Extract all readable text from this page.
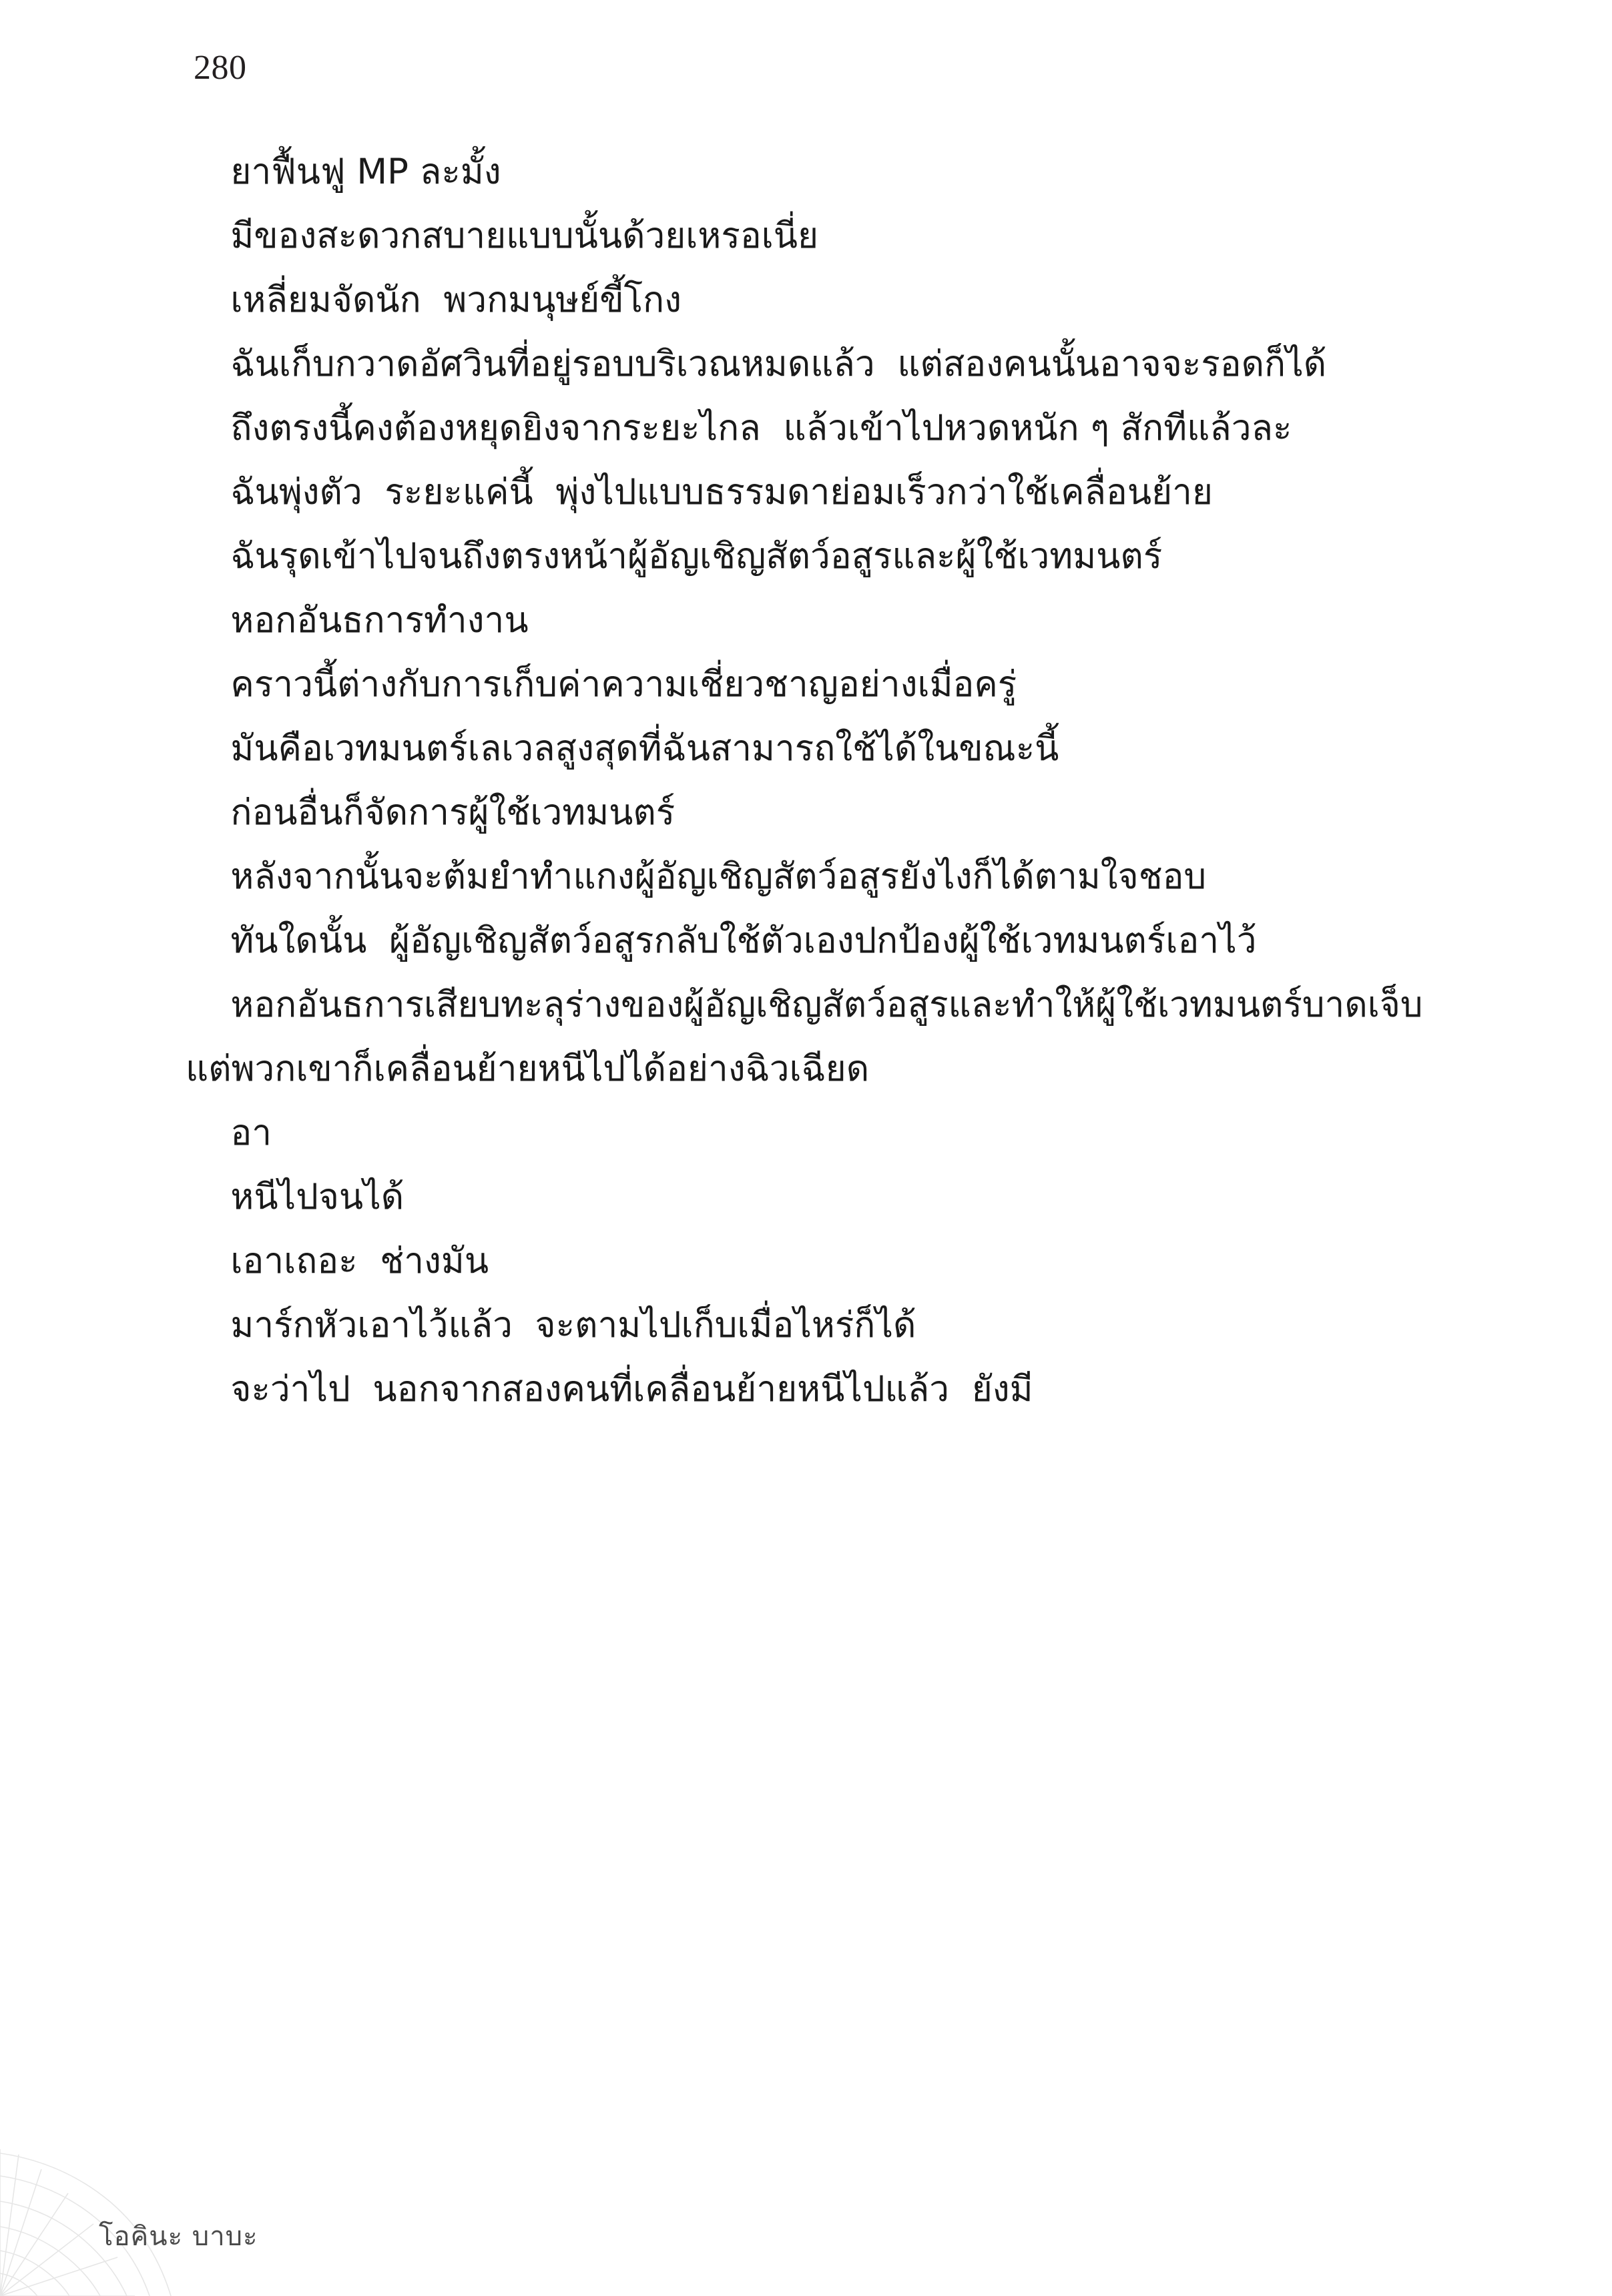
280

ยาฟื้นฟู MP ละมั้ง

มีของสะดวกสบายแบบนั้นด้วยเหรอเนี่ย

เหลี่ยมจัดนัก  พวกมนุษย์ขี้โกง

ฉันเก็บกวาดอัศวินที่อยู่รอบบริเวณหมดแล้ว  แต่สองคนนั้นอาจจะรอดก็ได้

ถึงตรงนี้คงต้องหยุดยิงจากระยะไกล  แล้วเข้าไปหวดหนัก ๆ สักทีแล้วละ

ฉันพุ่งตัว  ระยะแค่นี้  พุ่งไปแบบธรรมดาย่อมเร็วกว่าใช้เคลื่อนย้าย

ฉันรุดเข้าไปจนถึงตรงหน้าผู้อัญเชิญสัตว์อสูรและผู้ใช้เวทมนตร์

หอกอันธการทำงาน

คราวนี้ต่างกับการเก็บค่าความเชี่ยวชาญอย่างเมื่อครู่

มันคือเวทมนตร์เลเวลสูงสุดที่ฉันสามารถใช้ได้ในขณะนี้

ก่อนอื่นก็จัดการผู้ใช้เวทมนตร์

หลังจากนั้นจะต้มยำทำแกงผู้อัญเชิญสัตว์อสูรยังไงก็ได้ตามใจชอบ

ทันใดนั้น  ผู้อัญเชิญสัตว์อสูรกลับใช้ตัวเองปกป้องผู้ใช้เวทมนตร์เอาไว้

หอกอันธการเสียบทะลุร่างของผู้อัญเชิญสัตว์อสูรและทำให้ผู้ใช้เวทมนตร์บาดเจ็บ  แต่พวกเขาก็เคลื่อนย้ายหนีไปได้อย่างฉิวเฉียด

อา

หนีไปจนได้

เอาเถอะ  ช่างมัน

มาร์กหัวเอาไว้แล้ว  จะตามไปเก็บเมื่อไหร่ก็ได้

จะว่าไป  นอกจากสองคนที่เคลื่อนย้ายหนีไปแล้ว  ยังมี

โอคินะ บาบะ
